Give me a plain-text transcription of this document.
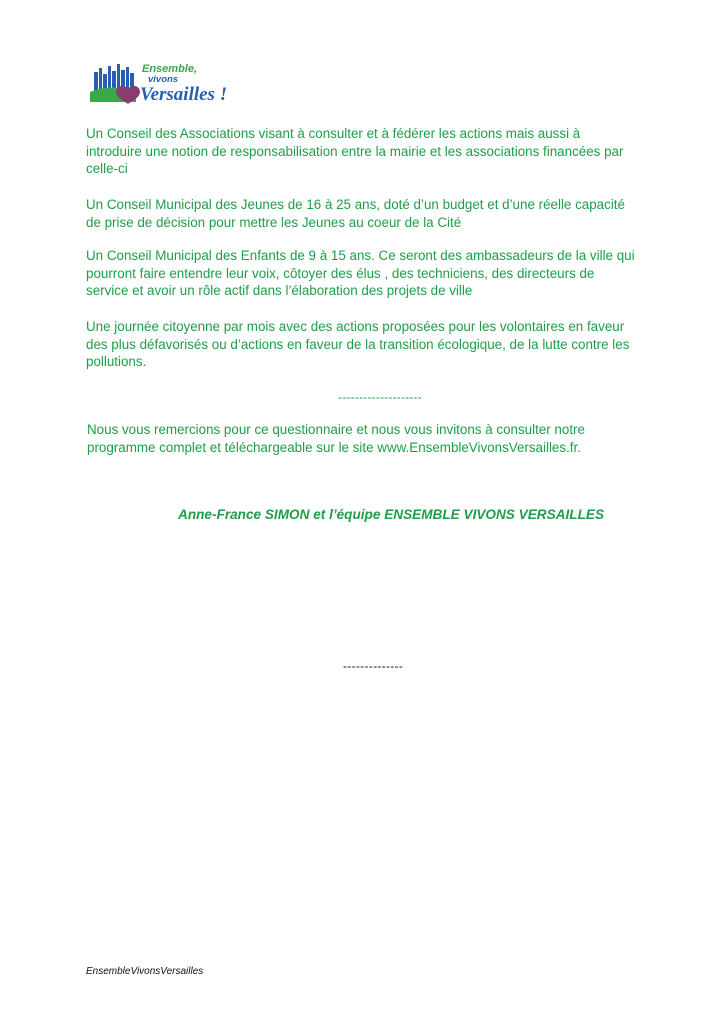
Ensemble,
vivons
Versailles !

Un Conseil des Associations visant à consulter et à fédérer les actions mais aussi à
introduire une notion de responsabilisation entre la mairie et les associations financées par
celle-ci

Un Conseil Municipal des Jeunes de 16 à 25 ans, doté d’un budget et d’une réelle capacité
de prise de décision pour mettre les Jeunes au coeur de la Cité

Un Conseil Municipal des Enfants de 9 à 15 ans. Ce seront des ambassadeurs de la ville qui
pourront faire entendre leur voix, côtoyer des élus , des techniciens, des directeurs de
service et avoir un rôle actif dans l’élaboration des projets de ville

Une journée citoyenne par mois avec des actions proposées pour les volontaires en faveur
des plus défavorisés ou d’actions en faveur de la transition écologique, de la lutte contre les
pollutions.

--------------------

Nous vous remercions pour ce questionnaire et nous vous invitons à consulter notre
programme complet et téléchargeable sur le site www.EnsembleVivonsVersailles.fr.

Anne-France SIMON et l’équipe ENSEMBLE VIVONS VERSAILLES
--------------
EnsembleVivonsVersailles
